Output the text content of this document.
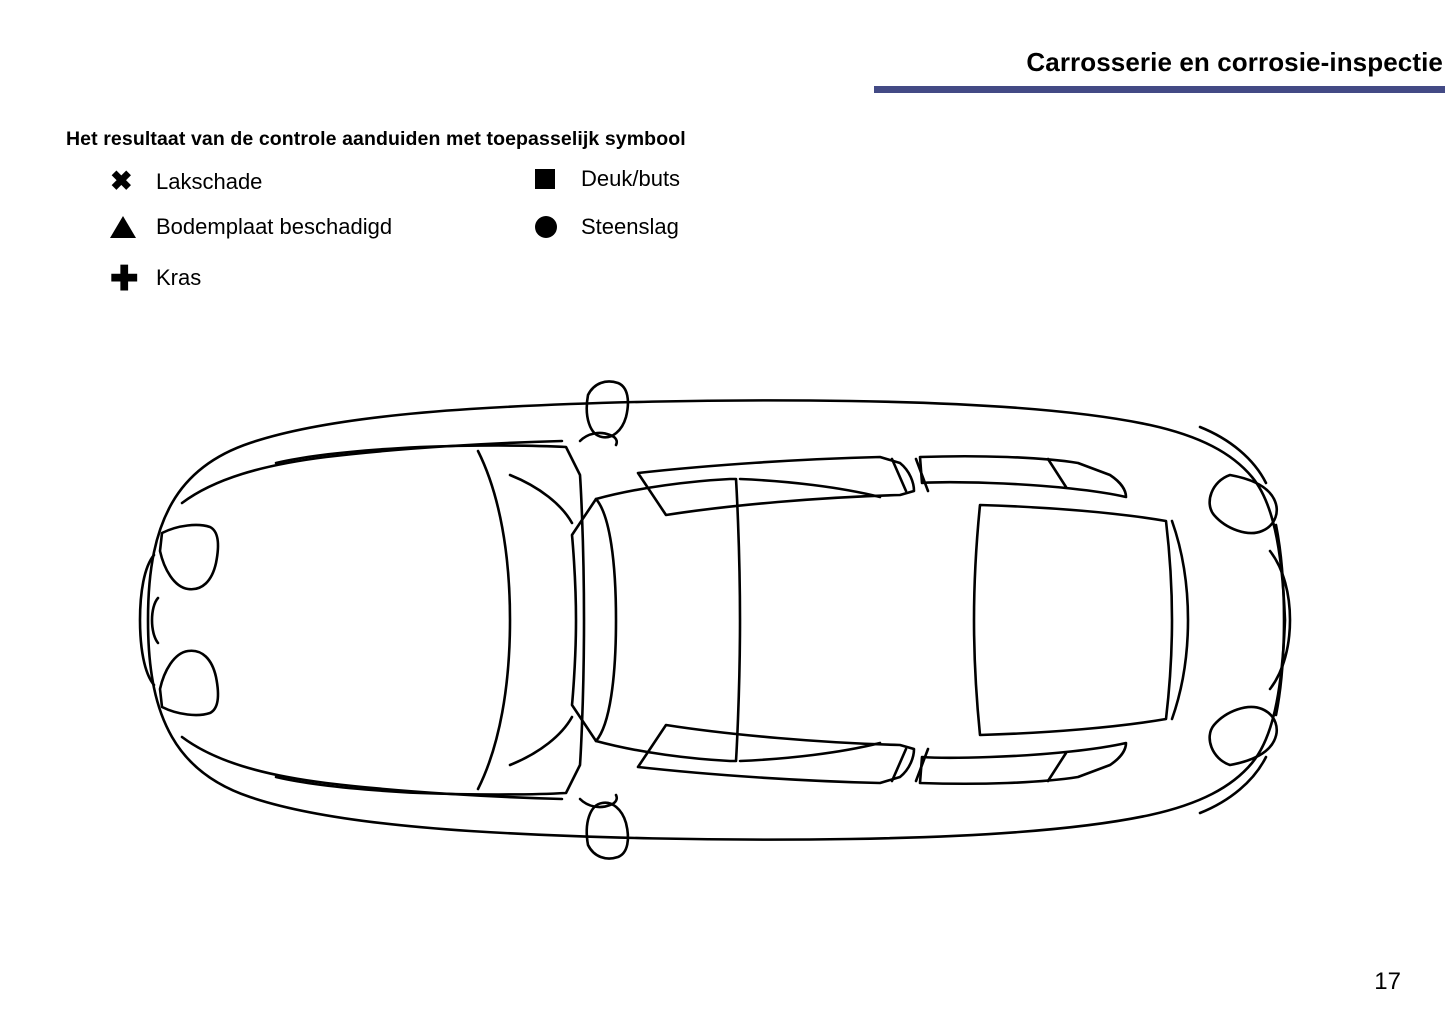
Carrosserie en corrosie-inspectie
Het resultaat van de controle aanduiden met toepasselijk symbool
✖ Lakschade	Deuk/buts
Bodemplaat beschadigd	Steenslag
✚ Kras
17
